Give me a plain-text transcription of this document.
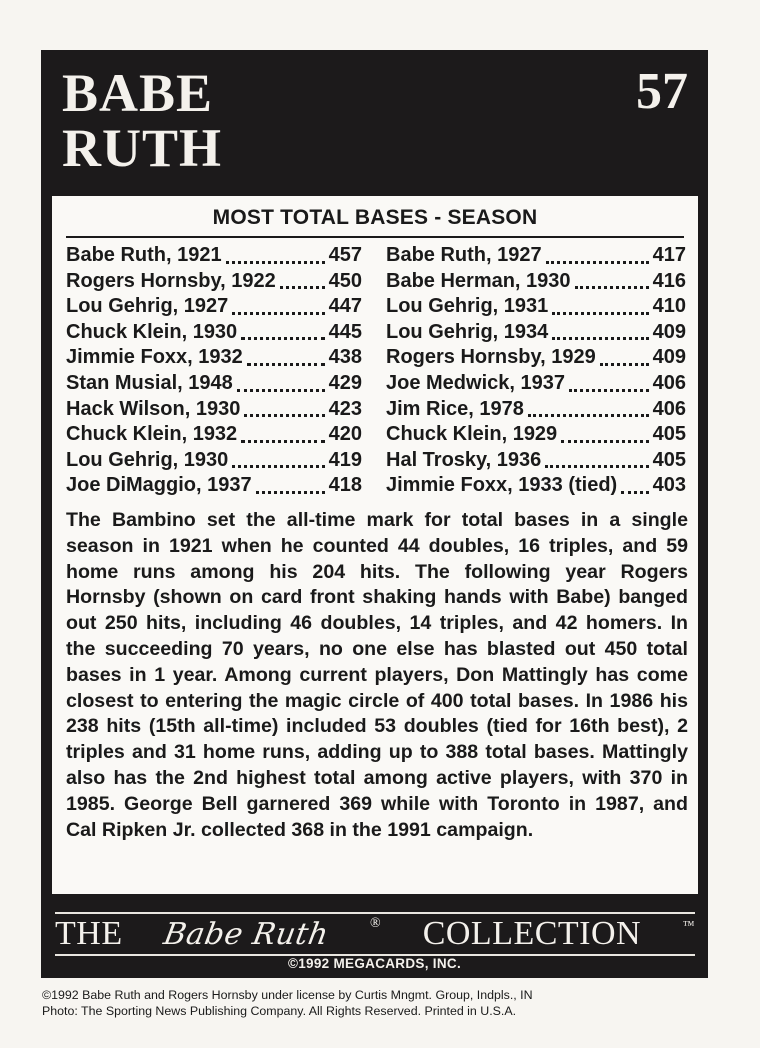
BABE
RUTH
57
MOST TOTAL BASES - SEASON
Babe Ruth, 1921	457
Rogers Hornsby, 1922	450
Lou Gehrig, 1927	447
Chuck Klein, 1930	445
Jimmie Foxx, 1932	438
Stan Musial, 1948	429
Hack Wilson, 1930	423
Chuck Klein, 1932	420
Lou Gehrig, 1930	419
Joe DiMaggio, 1937	418
Babe Ruth, 1927	417
Babe Herman, 1930	416
Lou Gehrig, 1931	410
Lou Gehrig, 1934	409
Rogers Hornsby, 1929	409
Joe Medwick, 1937	406
Jim Rice, 1978	406
Chuck Klein, 1929	405
Hal Trosky, 1936	405
Jimmie Foxx, 1933 (tied) 403
The Bambino set the all-time mark for total bases in a single season in 1921 when he counted 44 doubles, 16 triples, and 59 home runs among his 204 hits. The following year Rogers Hornsby (shown on card front shaking hands with Babe) banged out 250 hits, including 46 doubles, 14 triples, and 42 homers. In the succeeding 70 years, no one else has blasted out 450 total bases in 1 year. Among current players, Don Mattingly has come closest to entering the magic circle of 400 total bases. In 1986 his 238 hits (15th all-time) included 53 doubles (tied for 16th best), 2 triples and 31 home runs, adding up to 388 total bases. Mattingly also has the 2nd highest total among active players, with 370 in 1985. George Bell garnered 369 while with Toronto in 1987, and Cal Ripken Jr. collected 368 in the 1991 campaign.
THE Babe Ruth	® COLLECTION	™
©1992 MEGACARDS, INC.
©1992 Babe Ruth and Rogers Hornsby under license by Curtis Mngmt. Group, Indpls., IN
Photo: The Sporting News Publishing Company. All Rights Reserved. Printed in U.S.A.
